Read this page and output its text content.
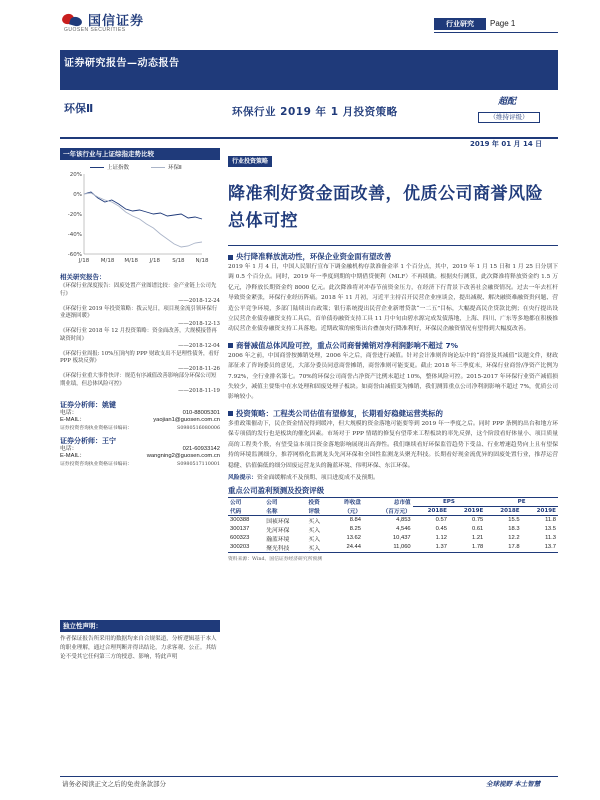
国信证券
GUOSEN SECURITIES
行业研究	Page 1
证券研究报告—动态报告
环保Ⅱ	环保行业 2019 年 1 月投资策略
超配
（维持评级）
2019 年 01 月 14 日
一年该行业与上证综指走势比较
上证指数	环保Ⅱ
20%
0%
-20%
-40%
-60%
J/18 M/18 M/18 J/18 S/18 N/18
相关研究报告：
《环保行业深度报告：固废处置产业图谱比较：金产业链上公司先行》
——2018-12-24
《环保行业 2019 年投资策略：拨云见日，项目现金流引领环保行业逐渐回暖》
——2018-12-13
《环保行业 2018 年 12 月投资策略：资金面改善，大规模接替再缺资时间》
——2018-12-04
《环保行业周报: 10%压顶内的 PPP 财政支出不是理性债务，看好 PPP 板块反弹》
——2018-11-26
《环保行业重大事件快评：规范有序减值改善影响部分环保公司短期业绩，但总体风险可控》
——2018-11-19
证券分析师：姚键
电话：	010-88005301
E-MAIL：	yaojian1@guosen.com.cn
证券投资咨询执业资格证书编码：	S0980516080006
证券分析师：王宁
电话：	021-60933142
E-MAIL：	wangning2@guosen.com.cn
证券投资咨询执业资格证书编码：	S0980517110001
独立性声明：
作者保证报告所采用的数据均来自合规渠道，分析逻辑基于本人的职业理解，通过合理判断并得出结论，力求客观、公正。其结论不受其它任何第三方的授意、影响，特此声明
行业投资策略
降准利好资金面改善，优质公司商誉风险总体可控
央行降准释放流动性，环保企业资金面有望改善
2019 年 1 月 4 日，中国人民银行宣布下调金融机构存款准备金率 1 个百分点，其中，2019 年 1 月 15 日和 1 月 25 日分别下调 0.5 个百分点。同时，2019 年一季度到期的中期借贷便利（MLF）不再续做。根据央行测算，此次降准将释放资金约 1.5 万亿元，净释放长期资金约 8000 亿元。此次降准将对冲春节前资金压力，在经济下行背景下改善社会融资情况。过去一年去杠杆导致资金紧张，环保行业经历阵痛。2018 年 11 月初，习近平主持召开民营企业座谈会，提出减税、解决融资难融资贵问题、营造公平竞争环境，多部门陆续出台政策；银行系统提出民营企业新增贷款“一二五”目标，大幅提高民企贷款比例；在央行提出设立民营企业债券融资支持工具后，首单债券融资支持工具 11 月中旬由碧水源完成发债落地，上海、四川、广东等多地都在积极推动民营企业债券融资支持工具落地。近期政策的密集出台叠加央行降准利好，环保民企融资情况有望得到大幅度改善。
商誉减值总体风险可控，重点公司商誉摊销对净利润影响不超过 7%
2006 年之前，中国商誉按摊销处理，2006 年之后，商誉进行减值。针对会计准则咨询论坛中的“商誉及其减值”议题文件，财政部征求了咨询委员的意见，大部分委员同意商誉摊销，商誉准则可能变更。截止 2018 年三季度末，环保行业商誉/净资产比例为 7.92%，全行业排名第七。70%的环保公司商誉占净资产比例未超过 10%，整体风险可控。2015-2017 年环保行业资产减值损失较少，减值主要集中在水处理和固废处理子板块。如商誉由减值变为摊销，我们测算重点公司净利润影响不超过 7%，优质公司影响较小。
投资策略：工程类公司估值有望修复，长期看好稳健运营类标的
多重政策催动下，民企资金情况得到缓冲，但大规模的资金落地可能要等到 2019 年一季度之后。同时 PPP 条例的出台和地方环保专项债的发行也是板块的催化因素。市场对于 PPP 情绪的修复有望带来工程板块的率先反弹，这个阶段看好体量小、项目质量高的工程类个股，有望受益本项目资金落地影响展现出高弹性。我们继续看好环保监管趋势下受益、行业增速趋势向上且有望保持的环境监测细分，推荐网格化监测龙头先河环保和全国性监测龙头聚光科技。长期看好现金流优异的固废处置行业，推荐运营稳健、估值偏低的细分固废运营龙头的瀚蓝环境、伟明环保、东江环保。
风险提示：资金面缓解成不及预期、项目进度成不及预期。
重点公司盈利预测及投资评级
公司	公司	投资	昨收盘	总市值	EPS		PE	
代码	名称	评级	（元）	（百万元）	2018E	2019E	2018E	2019E
300388	国祯环保	买入	8.84	4,853	0.57	0.75	15.5	11.8
300137	先河环保	买入	8.25	4,546	0.45	0.61	18.3	13.5
600323	瀚蓝环境	买入	13.62	10,437	1.12	1.21	12.2	11.3
300203	聚光科技	买入	24.44	11,060	1.37	1.78	17.8	13.7
资料来源：Wind、国信证券经济研究所预测
请务必阅读正文之后的免责条款部分	全球视野 本土智慧
